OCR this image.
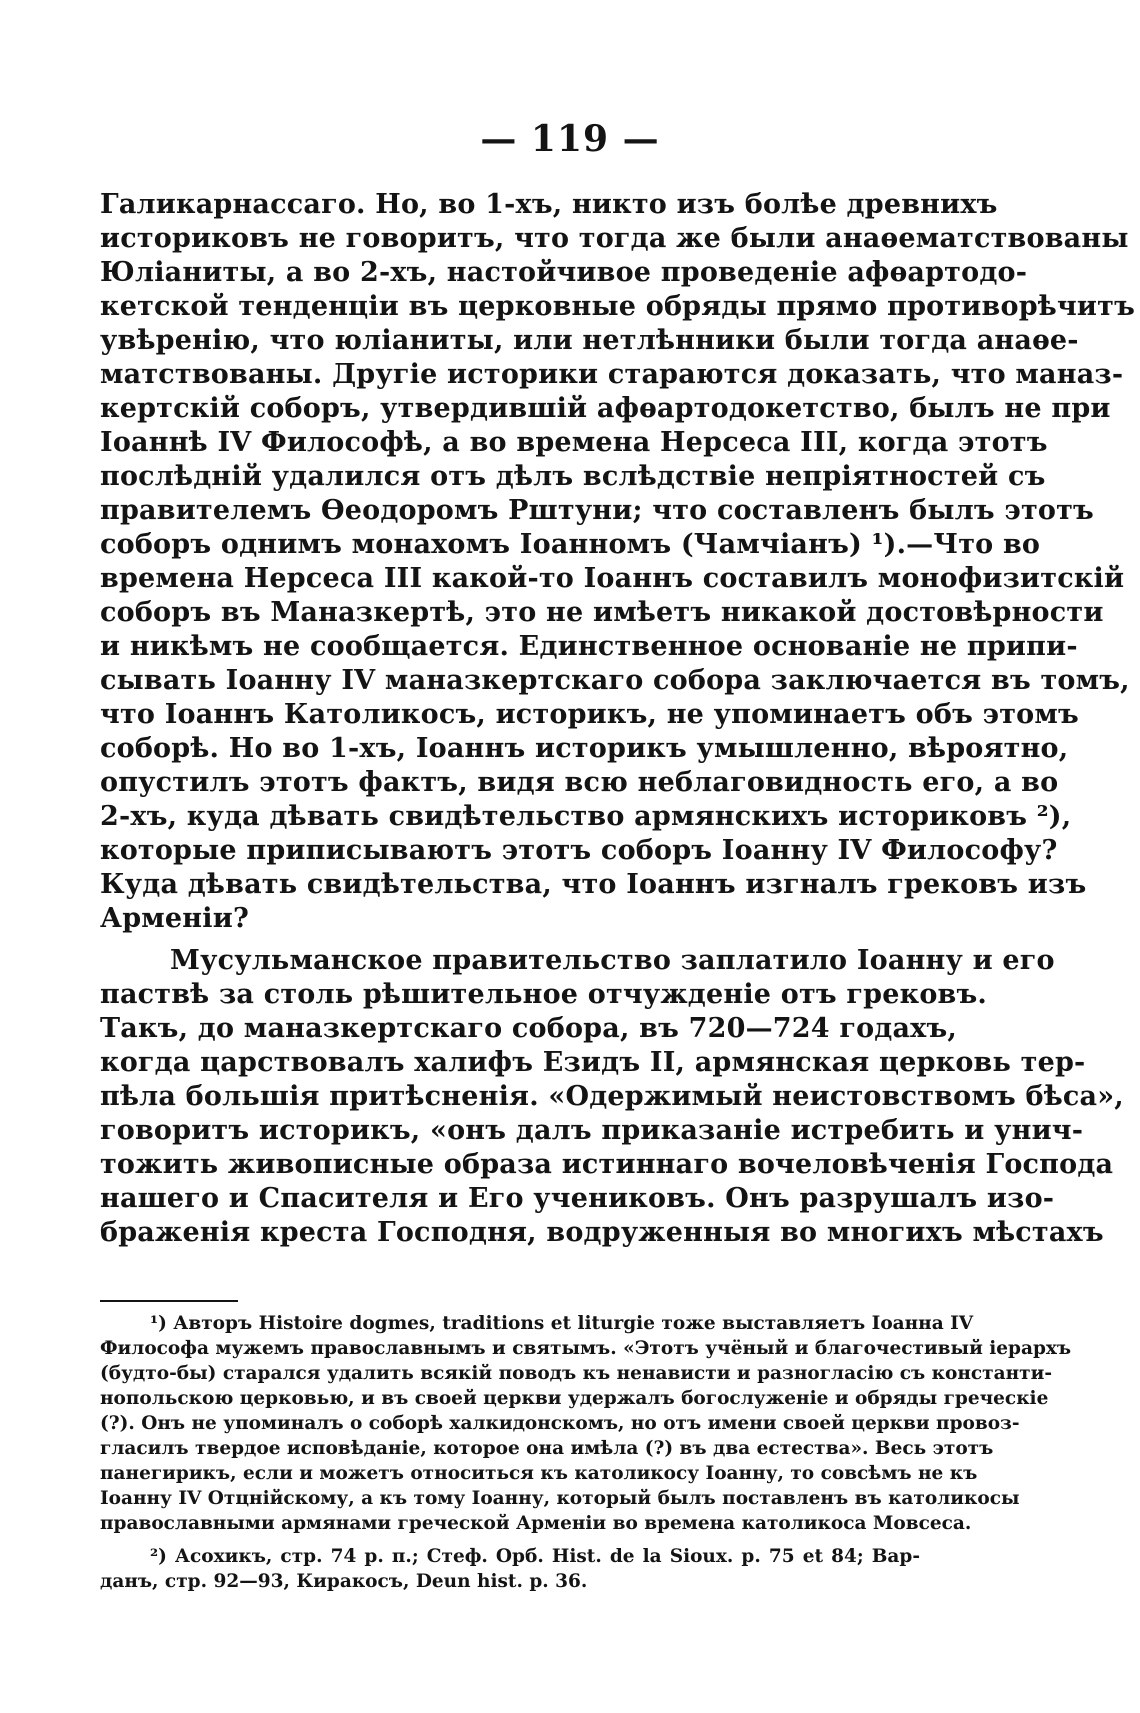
— 119 —
Галикарнассаго. Но, во 1-хъ, никто изъ болѣе древнихъ
историковъ не говоритъ, что тогда же были анаѳематствованы
Юліаниты, а во 2-хъ, настойчивое проведеніе афѳартодо-
кетской тенденціи въ церковные обряды прямо противорѣчитъ
увѣренію, что юліаниты, или нетлѣнники были тогда анаѳе-
матствованы. Другіе историки стараются доказать, что маназ-
кертскій соборъ, утвердившій афѳартодокетство, былъ не при
Іоаннѣ IV Философѣ, а во времена Нерсеса III, когда этотъ
послѣдній удалился отъ дѣлъ вслѣдствіе непріятностей съ
правителемъ Ѳеодоромъ Рштуни; что составленъ былъ этотъ
соборъ однимъ монахомъ Іоанномъ (Чамчіанъ) ¹).—Что во
времена Нерсеса III какой-то Іоаннъ составилъ монофизитскій
соборъ въ Маназкертѣ, это не имѣетъ никакой достовѣрности
и никѣмъ не сообщается. Единственное основаніе не припи-
сывать Іоанну IV маназкертскаго собора заключается въ томъ,
что Іоаннъ Католикосъ, историкъ, не упоминаетъ объ этомъ
соборѣ. Но во 1-хъ, Іоаннъ историкъ умышленно, вѣроятно,
опустилъ этотъ фактъ, видя всю неблаговидность его, а во
2-хъ, куда дѣвать свидѣтельство армянскихъ историковъ ²),
которые приписываютъ этотъ соборъ Іоанну IV Философу?
Куда дѣвать свидѣтельства, что Іоаннъ изгналъ грековъ изъ
Арменіи?
Мусульманское правительство заплатило Іоанну и его
паствѣ за столь рѣшительное отчужденіе отъ грековъ.
Такъ, до маназкертскаго собора, въ 720—724 годахъ,
когда царствовалъ халифъ Езидъ II, армянская церковь тер-
пѣла большія притѣсненія. «Одержимый неистовствомъ бѣса»,
говоритъ историкъ, «онъ далъ приказаніе истребить и унич-
тожить живописные образа истиннаго вочеловѣченія Господа
нашего и Спасителя и Его учениковъ. Онъ разрушалъ изо-
браженія креста Господня, водруженныя во многихъ мѣстахъ
¹) Авторъ Histoire dogmes, traditions et liturgie тоже выставляетъ Іоанна IV
Философа мужемъ православнымъ и святымъ. «Этотъ учёный и благочестивый іерархъ
(будто-бы) старался удалить всякій поводъ къ ненависти и разногласію съ константи-
нопольскою церковью, и въ своей церкви удержалъ богослуженіе и обряды греческіе
(?). Онъ не упоминалъ о соборѣ халкидонскомъ, но отъ имени своей церкви провоз-
гласилъ твердое исповѣданіе, которое она имѣла (?) въ два естества». Весь этотъ
панегирикъ, если и можетъ относиться къ католикосу Іоанну, то совсѣмъ не къ
Іоанну IV Отцнійскому, а къ тому Іоанну, который былъ поставленъ въ католикосы
православными армянами греческой Арменіи во времена католикоса Мовсеса.
²) Асохикъ, стр. 74 р. п.; Стеф. Орб. Hist. de la Sioux. р. 75 et 84; Вар-
данъ, стр. 92—93, Киракосъ, Deun hist. р. 36.
